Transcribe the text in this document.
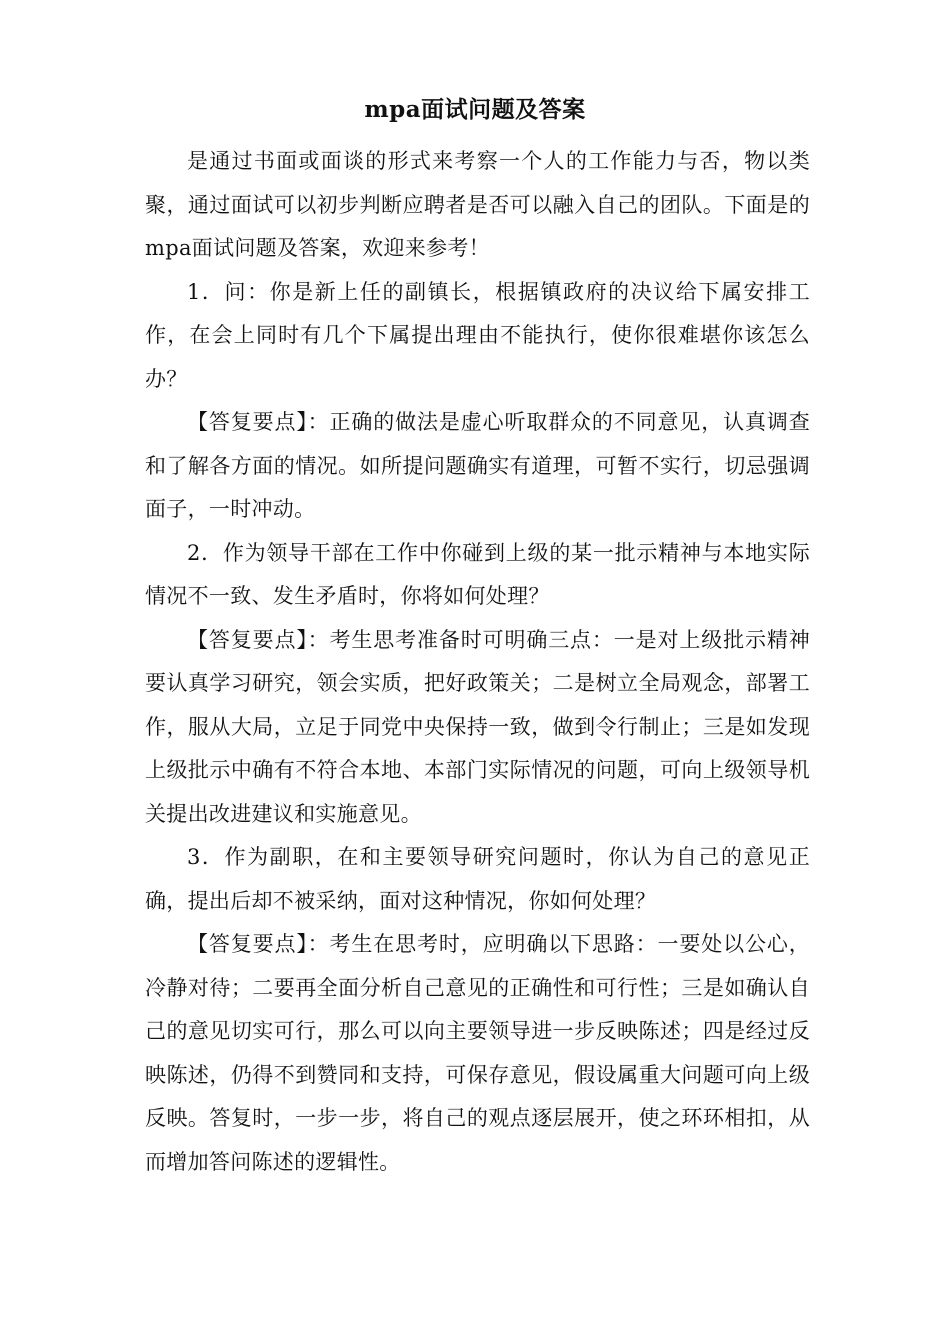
mpa面试问题及答案

是通过书面或面谈的形式来考察一个人的工作能力与否，物以类聚，通过面试可以初步判断应聘者是否可以融入自己的团队。下面是的mpa面试问题及答案，欢迎来参考！

1．问：你是新上任的副镇长，根据镇政府的决议给下属安排工作，在会上同时有几个下属提出理由不能执行，使你很难堪你该怎么办？

【答复要点】：正确的做法是虚心听取群众的不同意见，认真调查和了解各方面的情况。如所提问题确实有道理，可暂不实行，切忌强调面子，一时冲动。

2．作为领导干部在工作中你碰到上级的某一批示精神与本地实际情况不一致、发生矛盾时，你将如何处理？

【答复要点】：考生思考准备时可明确三点：一是对上级批示精神要认真学习研究，领会实质，把好政策关；二是树立全局观念，部署工作，服从大局，立足于同党中央保持一致，做到令行制止；三是如发现上级批示中确有不符合本地、本部门实际情况的问题，可向上级领导机关提出改进建议和实施意见。

3．作为副职，在和主要领导研究问题时，你认为自己的意见正确，提出后却不被采纳，面对这种情况，你如何处理？

【答复要点】：考生在思考时，应明确以下思路：一要处以公心，冷静对待；二要再全面分析自己意见的正确性和可行性；三是如确认自己的意见切实可行，那么可以向主要领导进一步反映陈述；四是经过反映陈述，仍得不到赞同和支持，可保存意见，假设属重大问题可向上级反映。答复时，一步一步，将自己的观点逐层展开，使之环环相扣，从而增加答问陈述的逻辑性。
